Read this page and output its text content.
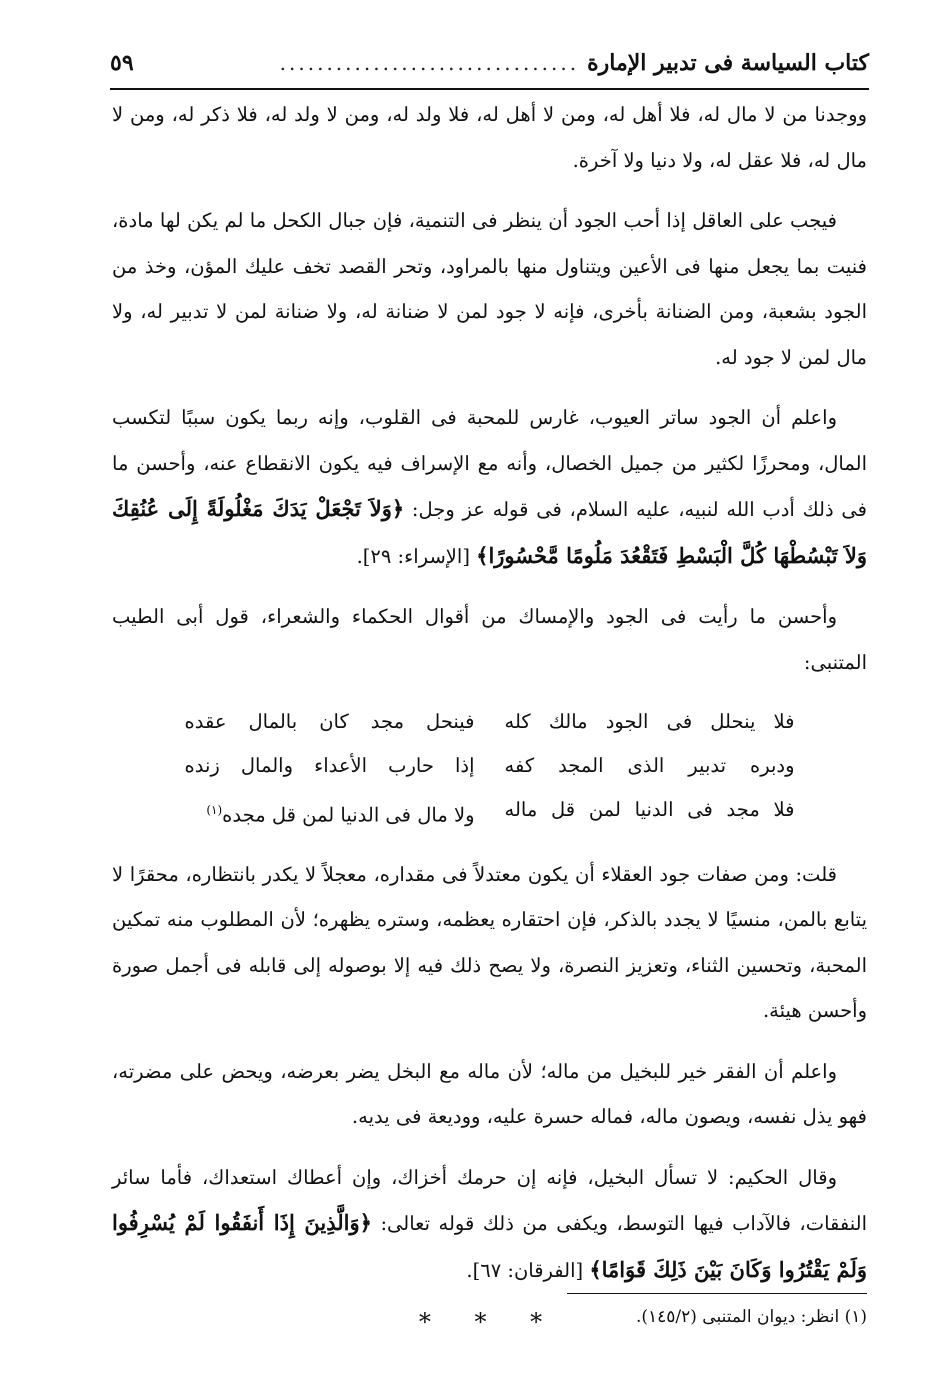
كتاب السياسة فى تدبير الإمارة
................................
٥٩

ووجدنا من لا مال له، فلا أهل له، ومن لا أهل له، فلا ولد له، ومن لا ولد له، فلا ذكر له، ومن لا مال له، فلا عقل له، ولا دنيا ولا آخرة.

فيجب على العاقل إذا أحب الجود أن ينظر فى التنمية، فإن جبال الكحل ما لم يكن لها مادة، فنيت بما يجعل منها فى الأعين ويتناول منها بالمراود، وتحر القصد تخف عليك المؤن، وخذ من الجود بشعبة، ومن الضنانة بأخرى، فإنه لا جود لمن لا ضنانة له، ولا ضنانة لمن لا تدبير له، ولا مال لمن لا جود له.

واعلم أن الجود ساتر العيوب، غارس للمحبة فى القلوب، وإنه ربما يكون سببًا لتكسب المال، ومحرزًا لكثير من جميل الخصال، وأنه مع الإسراف فيه يكون الانقطاع عنه، وأحسن ما فى ذلك أدب الله لنبيه، عليه السلام، فى قوله عز وجل: ﴿وَلاَ تَجْعَلْ يَدَكَ مَغْلُولَةً إِلَى عُنُقِكَ وَلاَ تَبْسُطْهَا كُلَّ الْبَسْطِ فَتَقْعُدَ مَلُومًا مَّحْسُورًا﴾ [الإسراء: ٢٩].

وأحسن ما رأيت فى الجود والإمساك من أقوال الحكماء والشعراء، قول أبى الطيب المتنبى:

فلا ينحلل فى الجود مالك كله
فينحل مجد كان بالمال عقده
ودبره تدبير الذى المجد كفه
إذا حارب الأعداء والمال زنده
فلا مجد فى الدنيا لمن قل ماله
ولا مال فى الدنيا لمن قل مجده$^{(١)}$

قلت: ومن صفات جود العقلاء أن يكون معتدلاً فى مقداره، معجلاً لا يكدر بانتظاره، محقرًا لا يتابع بالمن، منسيًا لا يجدد بالذكر، فإن احتقاره يعظمه، وستره يظهره؛ لأن المطلوب منه تمكين المحبة، وتحسين الثناء، وتعزيز النصرة، ولا يصح ذلك فيه إلا بوصوله إلى قابله فى أجمل صورة وأحسن هيئة.

واعلم أن الفقر خير للبخيل من ماله؛ لأن ماله مع البخل يضر بعرضه، ويحض على مضرته، فهو يذل نفسه، ويصون ماله، فماله حسرة عليه، ووديعة فى يديه.

وقال الحكيم: لا تسأل البخيل، فإنه إن حرمك أخزاك، وإن أعطاك استعداك، فأما سائر النفقات، فالآداب فيها التوسط، ويكفى من ذلك قوله تعالى: ﴿وَالَّذِينَ إِذَا أَنفَقُوا لَمْ يُسْرِفُوا وَلَمْ يَقْتُرُوا وَكَانَ بَيْنَ ذَلِكَ قَوَامًا﴾ [الفرقان: ٦٧].

* * *	(١) انظر: ديوان المتنبى (١٤٥/٢).
